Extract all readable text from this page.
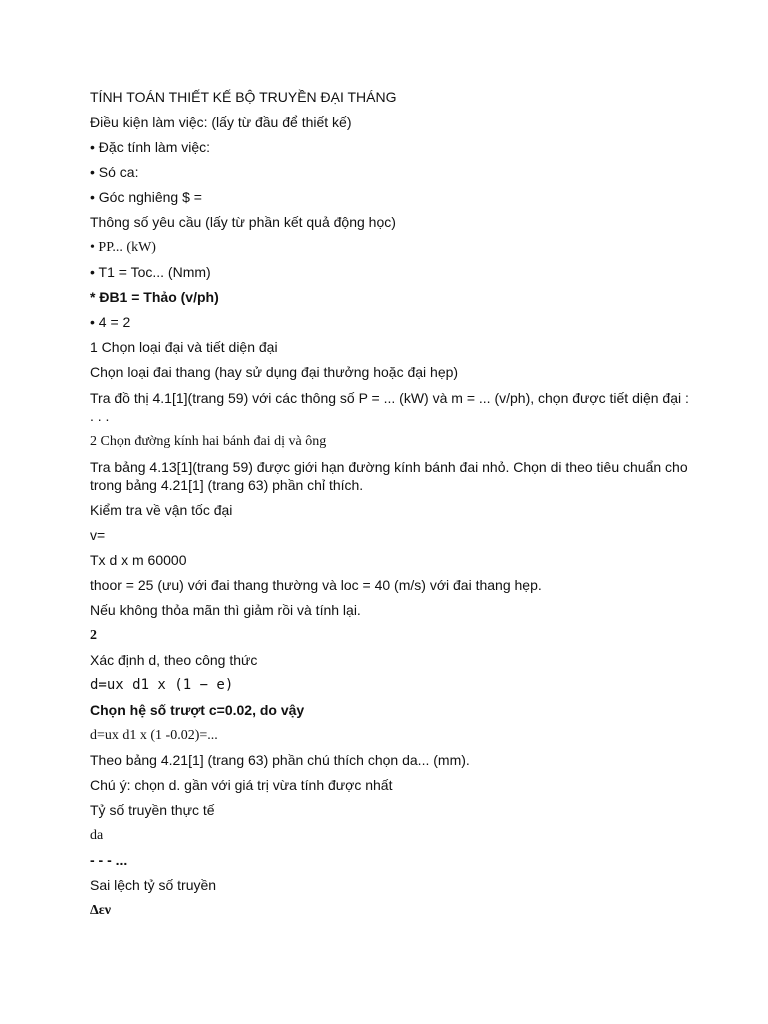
TÍNH TOÁN THIẾT KẾ BỘ TRUYỀN ĐẠI THÁNG
Điều kiện làm việc: (lấy từ đầu để thiết kế)
• Đặc tính làm việc:
• Só ca:
• Góc nghiêng $ =
Thông số yêu cầu (lấy từ phần kết quả động học)
• PP... (kW)
• T1 = Toc... (Nmm)
* ĐB1 = Thảo (v/ph)
• 4 = 2
1 Chọn loại đại và tiết diện đại
Chọn loại đai thang (hay sử dụng đại thưởng hoặc đại hẹp)
Tra đồ thị 4.1[1](trang 59) với các thông số P = ... (kW) và m = ... (v/ph), chọn được tiết diện đại : . . .
2 Chọn đường kính hai bánh đai dị và ông
Tra bảng 4.13[1](trang 59) được giới hạn đường kính bánh đai nhỏ. Chọn di theo tiêu chuẩn cho trong bảng 4.21[1] (trang 63) phần chỉ thích.
Kiểm tra về vận tốc đại
v=
Tx d x m 60000
thoor = 25 (ưu) với đai thang thường và loc = 40 (m/s) với đai thang hẹp.
Nếu không thỏa mãn thì giảm rồi và tính lại.
2
Xác định d, theo công thức
d=ux d1 x (1 − e)
Chọn hệ số trượt c=0.02, do vậy
d=ux d1 x (1 -0.02)=...
Theo bảng 4.21[1] (trang 63) phần chú thích chọn da... (mm).
Chú ý: chọn d. gần với giá trị vừa tính được nhất
Tỷ số truyền thực tế
da
- - - ...
Sai lệch tỷ số truyền
Δεν
